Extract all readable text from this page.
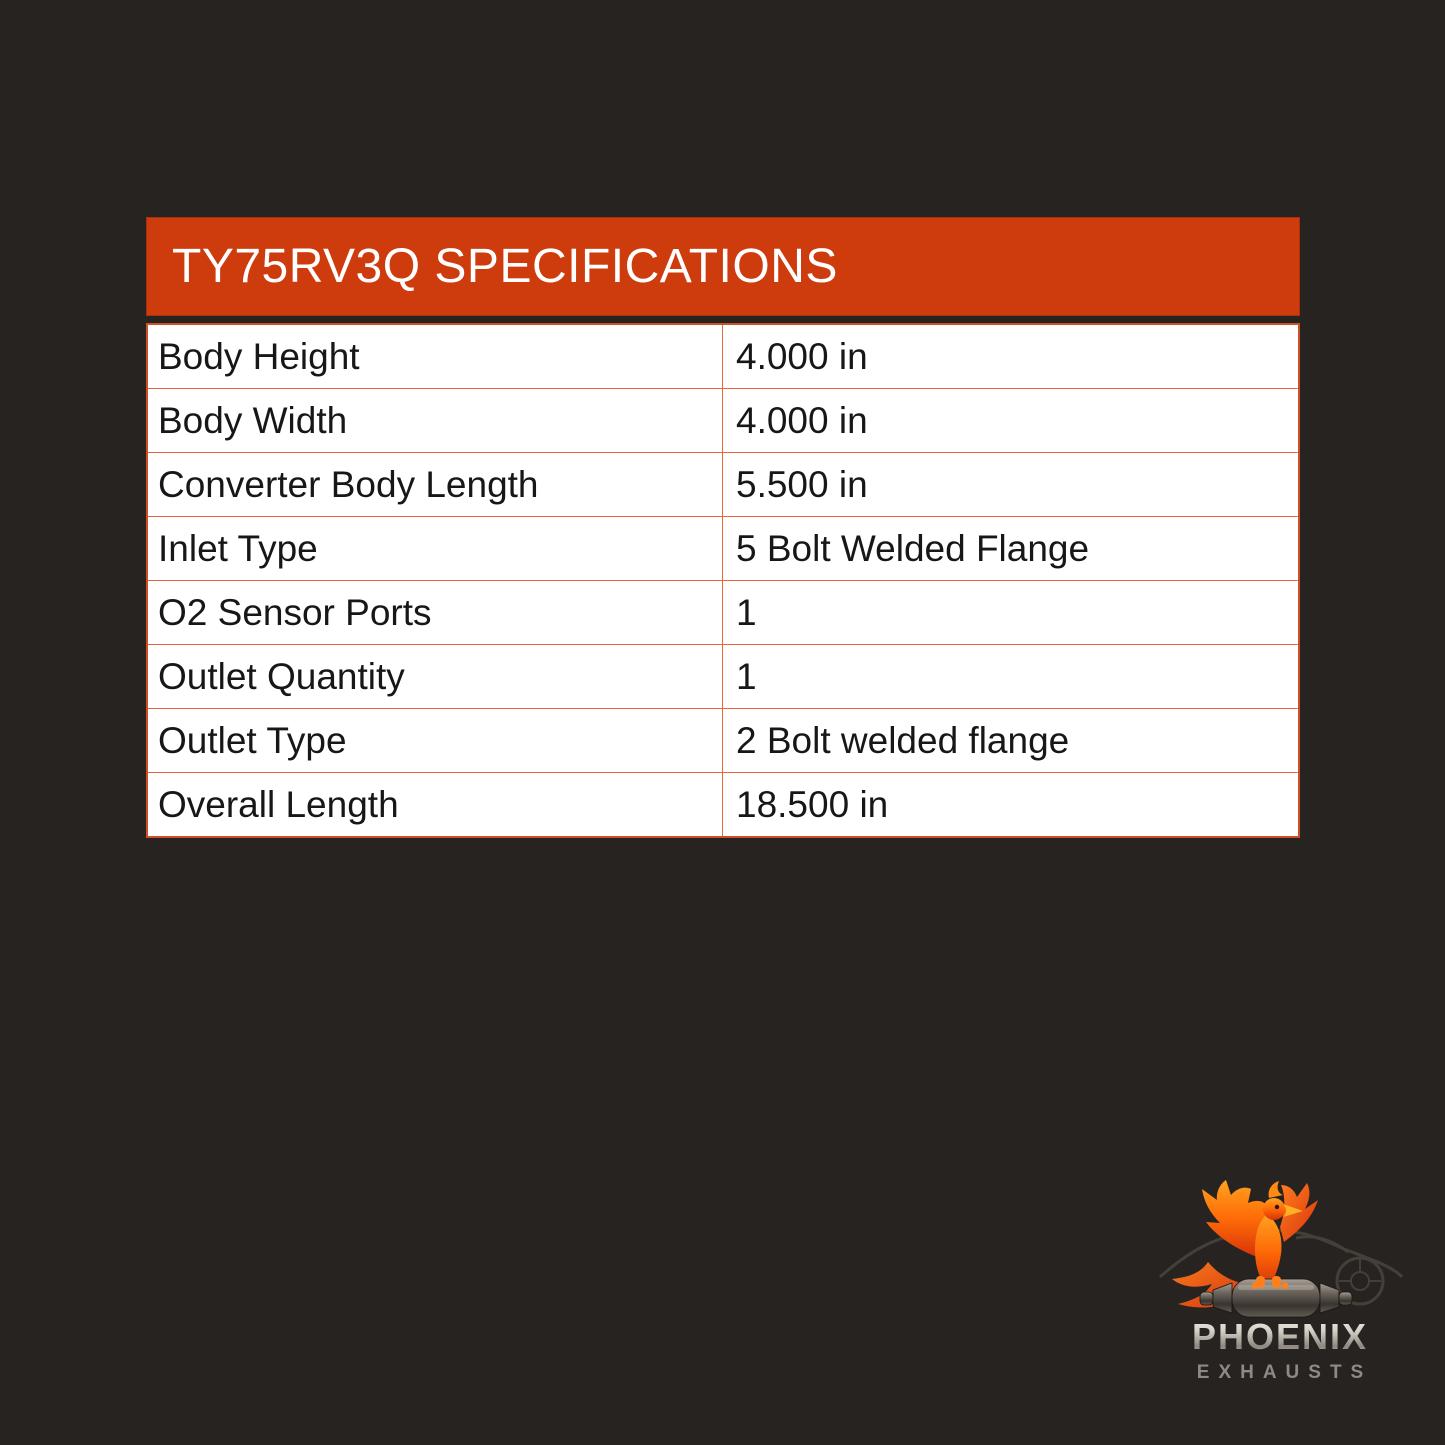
TY75RV3Q SPECIFICATIONS
Body Height	4.000 in
Body Width	4.000 in
Converter Body Length	5.500 in
Inlet Type	5 Bolt Welded Flange
O2 Sensor Ports	1
Outlet Quantity	1
Outlet Type	2 Bolt welded flange
Overall Length	18.500 in
PHOENIX
EXHAUSTS
